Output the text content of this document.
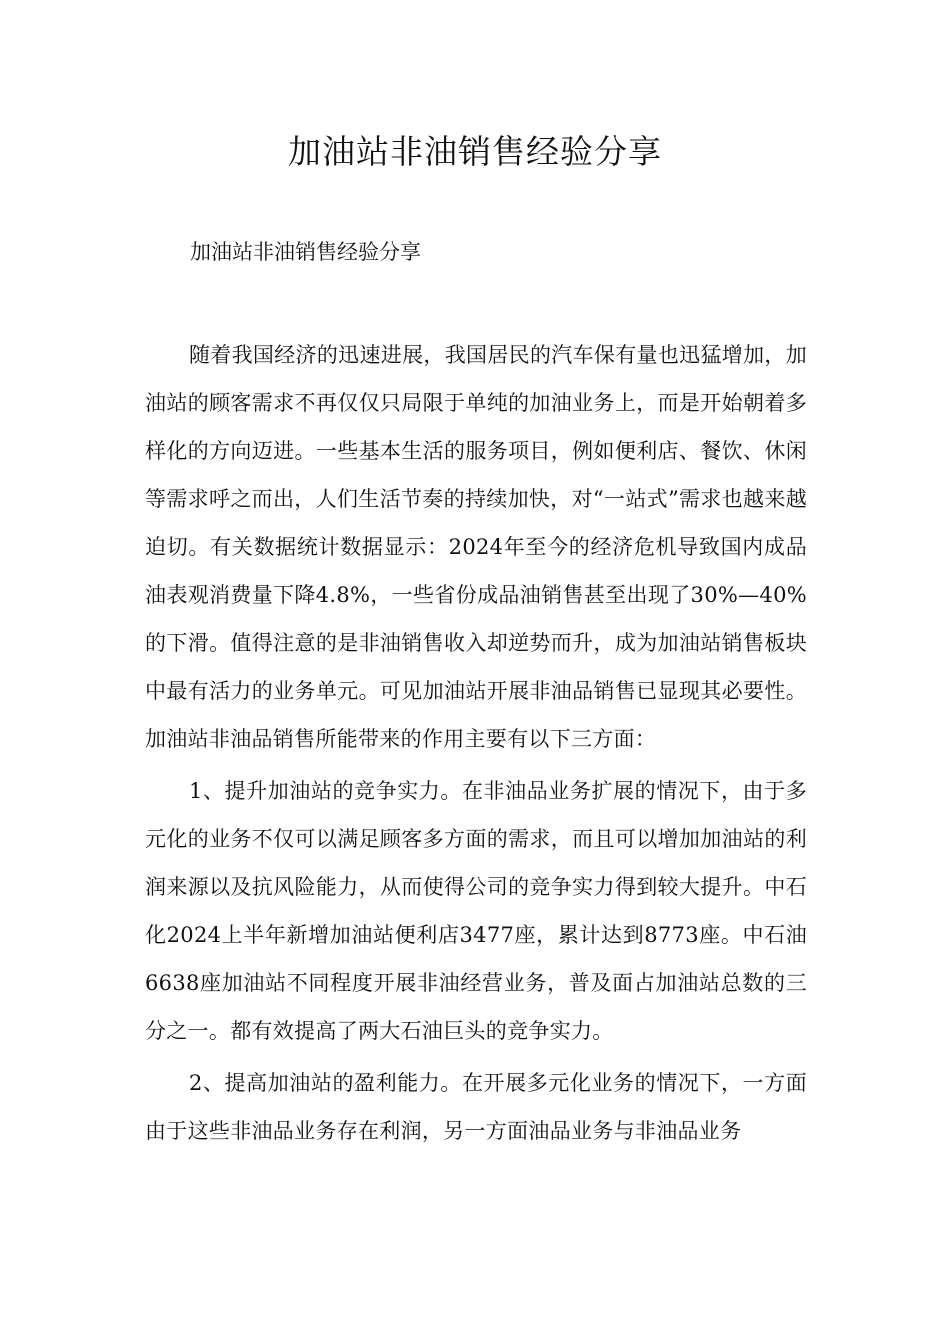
加油站非油销售经验分享

加油站非油销售经验分享

随着我国经济的迅速进展，我国居民的汽车保有量也迅猛增加，加油站的顾客需求不再仅仅只局限于单纯的加油业务上，而是开始朝着多样化的方向迈进。一些基本生活的服务项目，例如便利店、餐饮、休闲等需求呼之而出，人们生活节奏的持续加快，对“一站式”需求也越来越迫切。有关数据统计数据显示：2024年至今的经济危机导致国内成品油表观消费量下降4.8%，一些省份成品油销售甚至出现了30%—40%的下滑。值得注意的是非油销售收入却逆势而升，成为加油站销售板块中最有活力的业务单元。可见加油站开展非油品销售已显现其必要性。加油站非油品销售所能带来的作用主要有以下三方面：

1、提升加油站的竞争实力。在非油品业务扩展的情况下，由于多元化的业务不仅可以满足顾客多方面的需求，而且可以增加加油站的利润来源以及抗风险能力，从而使得公司的竞争实力得到较大提升。中石化2024上半年新增加油站便利店3477座，累计达到8773座。中石油6638座加油站不同程度开展非油经营业务，普及面占加油站总数的三分之一。都有效提高了两大石油巨头的竞争实力。

2、提高加油站的盈利能力。在开展多元化业务的情况下，一方面由于这些非油品业务存在利润，另一方面油品业务与非油品业务
